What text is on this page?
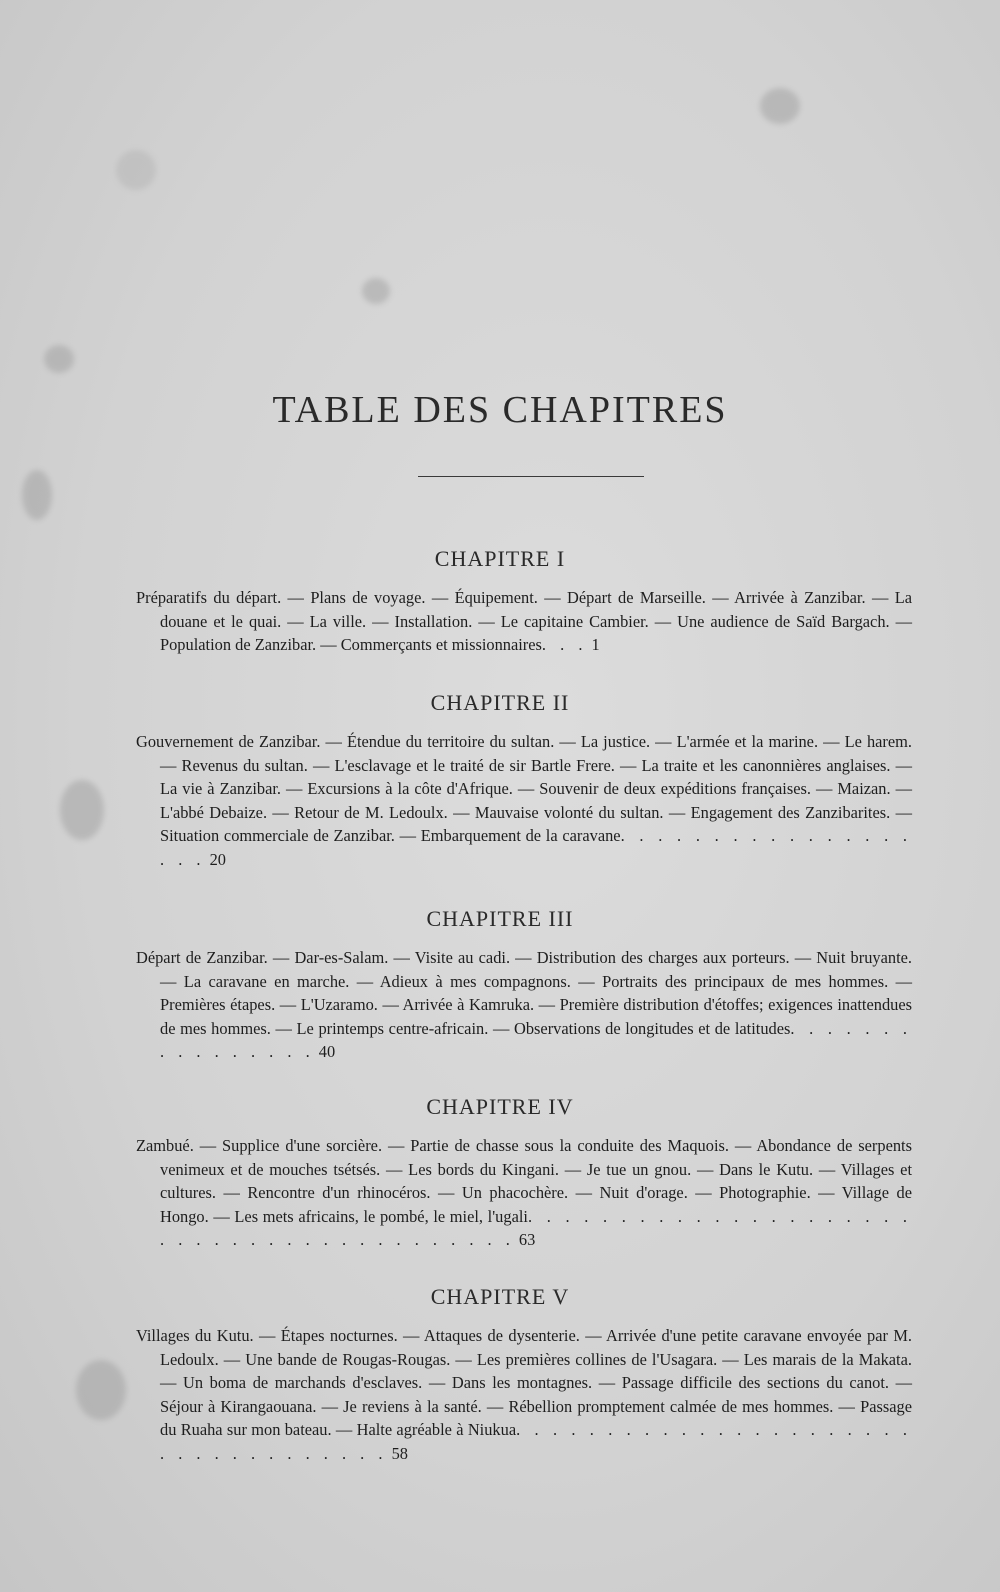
TABLE DES CHAPITRES
CHAPITRE I
Préparatifs du départ. — Plans de voyage. — Équipement. — Départ de Marseille. — Arrivée à Zanzibar. — La douane et le quai. — La ville. — Installation. — Le capitaine Cambier. — Une audience de Saïd Bargach. — Population de Zanzibar. — Commerçants et missionnaires. . . 1
CHAPITRE II
Gouvernement de Zanzibar. — Étendue du territoire du sultan. — La justice. — L'armée et la marine. — Le harem. — Revenus du sultan. — L'esclavage et le traité de sir Bartle Frere. — La traite et les canonnières anglaises. — La vie à Zanzibar. — Excursions à la côte d'Afrique. — Souvenir de deux expéditions françaises. — Maizan. — L'abbé Debaize. — Retour de M. Ledoulx. — Mauvaise volonté du sultan. — Engagement des Zanzibarites. — Situation commerciale de Zanzibar. — Embarquement de la caravane. . . . . . . . . . . . . . . . . . . 20
CHAPITRE III
Départ de Zanzibar. — Dar-es-Salam. — Visite au cadi. — Distribution des charges aux porteurs. — Nuit bruyante. — La caravane en marche. — Adieux à mes compagnons. — Portraits des principaux de mes hommes. — Premières étapes. — L'Uzaramo. — Arrivée à Kamruka. — Première distribution d'étoffes; exigences inattendues de mes hommes. — Le printemps centre-africain. — Observations de longitudes et de latitudes. . . . . . . . . . . . . . . . 40
CHAPITRE IV
Zambué. — Supplice d'une sorcière. — Partie de chasse sous la conduite des Maquois. — Abondance de serpents venimeux et de mouches tsétsés. — Les bords du Kingani. — Je tue un gnou. — Dans le Kutu. — Villages et cultures. — Rencontre d'un rhinocéros. — Un phacochère. — Nuit d'orage. — Photographie. — Village de Hongo. — Les mets africains, le pombé, le miel, l'ugali. . . . . . . . . . . . . . . . . . . . . . . . . . . . . . . . . . . . . . . . . 63
CHAPITRE V
Villages du Kutu. — Étapes nocturnes. — Attaques de dysenterie. — Arrivée d'une petite caravane envoyée par M. Ledoulx. — Une bande de Rougas-Rougas. — Les premières collines de l'Usagara. — Les marais de la Makata. — Un boma de marchands d'esclaves. — Dans les montagnes. — Passage difficile des sections du canot. — Séjour à Kirangaouana. — Je reviens à la santé. — Rébellion promptement calmée de mes hommes. — Passage du Ruaha sur mon bateau. — Halte agréable à Niukua. . . . . . . . . . . . . . . . . . . . . . . . . . . . . . . . . . . 58
